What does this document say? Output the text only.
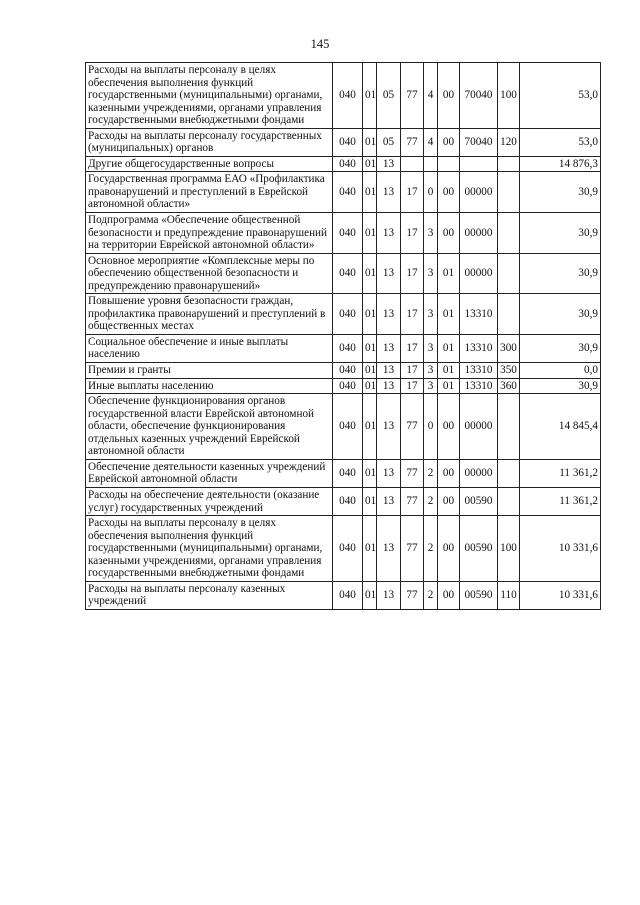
145
Расходы на выплаты персоналу в целях обеспечения выполнения функций государственными (муниципальными) органами, казенными учреждениями, органами управления государственными внебюджетными фондами	040	01	05	77	4	00	70040	100	53,0
Расходы на выплаты персоналу государственных (муниципальных) органов	040	01	05	77	4	00	70040	120	53,0
Другие общегосударственные вопросы	040	01	13						14 876,3
Государственная программа ЕАО «Профилактика правонарушений и преступлений в Еврейской автономной области»	040	01	13	17	0	00	00000		30,9
Подпрограмма «Обеспечение общественной безопасности и предупреждение правонарушений на территории Еврейской автономной области»	040	01	13	17	3	00	00000		30,9
Основное мероприятие «Комплексные меры по обеспечению общественной безопасности и предупреждению правонарушений»	040	01	13	17	3	01	00000		30,9
Повышение уровня безопасности граждан, профилактика правонарушений и преступлений в общественных местах	040	01	13	17	3	01	13310		30,9
Социальное обеспечение и иные выплаты населению	040	01	13	17	3	01	13310	300	30,9
Премии и гранты	040	01	13	17	3	01	13310	350	0,0
Иные выплаты населению	040	01	13	17	3	01	13310	360	30,9
Обеспечение функционирования органов государственной власти Еврейской автономной области, обеспечение функционирования отдельных казенных учреждений Еврейской автономной области	040	01	13	77	0	00	00000		14 845,4
Обеспечение деятельности казенных учреждений Еврейской автономной области	040	01	13	77	2	00	00000		11 361,2
Расходы на обеспечение деятельности (оказание услуг) государственных учреждений	040	01	13	77	2	00	00590		11 361,2
Расходы на выплаты персоналу в целях обеспечения выполнения функций государственными (муниципальными) органами, казенными учреждениями, органами управления государственными внебюджетными фондами	040	01	13	77	2	00	00590	100	10 331,6
Расходы на выплаты персоналу казенных учреждений	040	01	13	77	2	00	00590	110	10 331,6
